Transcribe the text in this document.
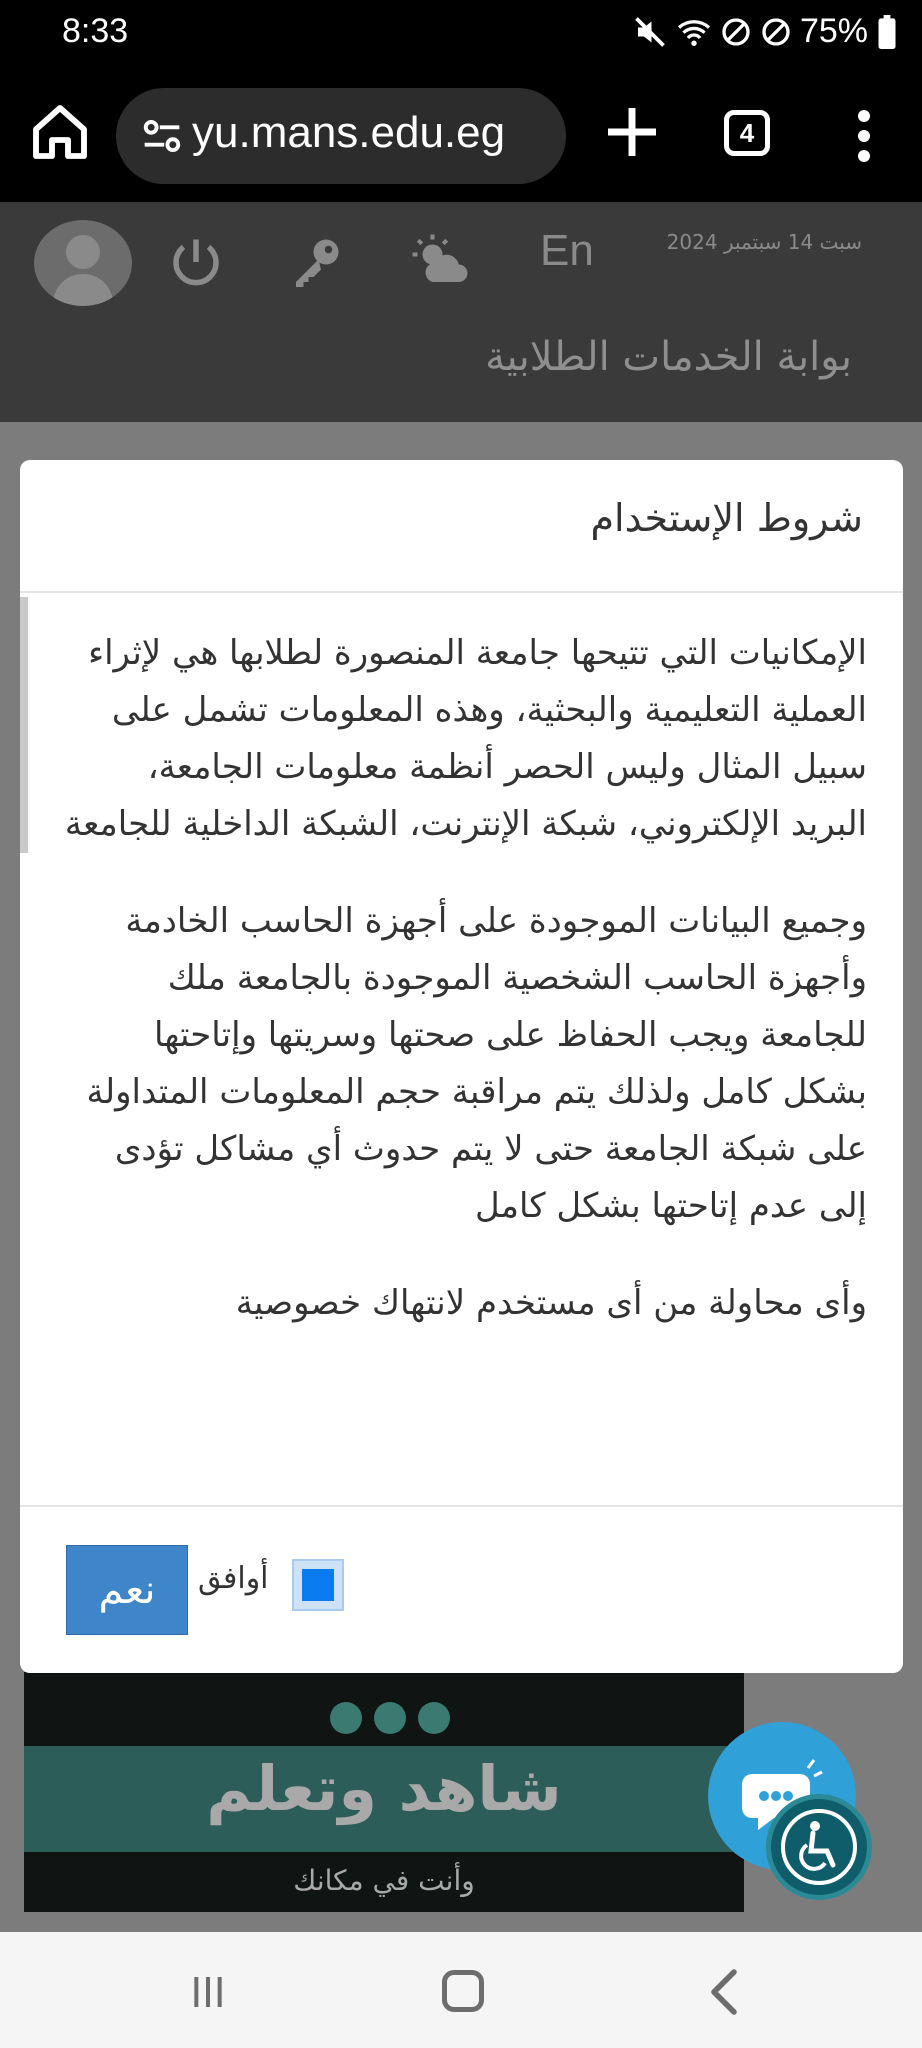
8:33	75%
yu.mans.edu.eg	4
En	سبت 14 سبتمبر 2024
بوابة الخدمات الطلابية
شاهد وتعلم
وأنت في مكانك
شروط الإستخدام

الإمكانيات التي تتيحها جامعة المنصورة لطلابها هي لإثراء العملية التعليمية والبحثية، وهذه المعلومات تشمل على سبيل المثال وليس الحصر أنظمة معلومات الجامعة، البريد الإلكتروني، شبكة الإنترنت، الشبكة الداخلية للجامعة

وجميع البيانات الموجودة على أجهزة الحاسب الخادمة وأجهزة الحاسب الشخصية الموجودة بالجامعة ملك للجامعة ويجب الحفاظ على صحتها وسريتها وإتاحتها بشكل كامل ولذلك يتم مراقبة حجم المعلومات المتداولة على شبكة الجامعة حتى لا يتم حدوث أي مشاكل تؤدى إلى عدم إتاحتها بشكل كامل

وأى محاولة من أى مستخدم لانتهاك خصوصية

نعم	أوافق
